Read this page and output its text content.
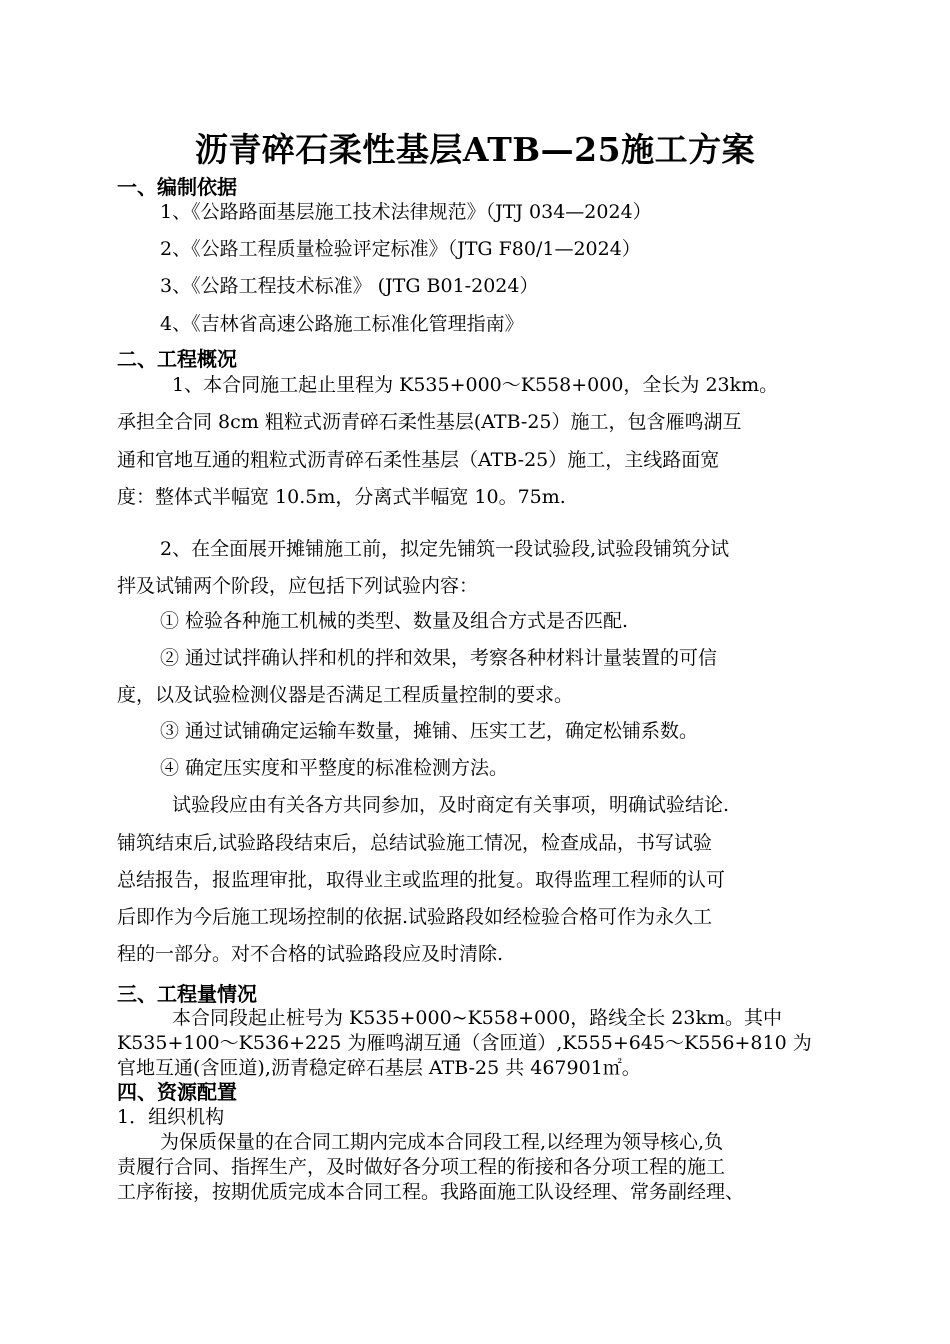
沥青碎石柔性基层ATB—25施工方案
一、编制依据
1、《公路路面基层施工技术法律规范》（JTJ 034—2024）
2、《公路工程质量检验评定标准》（JTG F80/1—2024）
3、《公路工程技术标准》 (JTG B01-2024）
4、《吉林省高速公路施工标准化管理指南》
二、工程概况
1、本合同施工起止里程为 K535+000～K558+000，全长为 23km。
承担全合同 8cm 粗粒式沥青碎石柔性基层(ATB-25）施工，包含雁鸣湖互
通和官地互通的粗粒式沥青碎石柔性基层（ATB-25）施工，主线路面宽
度：整体式半幅宽 10.5m，分离式半幅宽 10。75m.
2、在全面展开摊铺施工前，拟定先铺筑一段试验段,试验段铺筑分试
拌及试铺两个阶段，应包括下列试验内容：
① 检验各种施工机械的类型、数量及组合方式是否匹配.
② 通过试拌确认拌和机的拌和效果，考察各种材料计量装置的可信
度，以及试验检测仪器是否满足工程质量控制的要求。
③ 通过试铺确定运输车数量，摊铺、压实工艺，确定松铺系数。
④ 确定压实度和平整度的标准检测方法。
试验段应由有关各方共同参加，及时商定有关事项，明确试验结论.
铺筑结束后,试验路段结束后，总结试验施工情况，检查成品，书写试验
总结报告，报监理审批，取得业主或监理的批复。取得监理工程师的认可
后即作为今后施工现场控制的依据.试验路段如经检验合格可作为永久工
程的一部分。对不合格的试验路段应及时清除.
三、工程量情况
本合同段起止桩号为 K535+000~K558+000，路线全长 23km。其中
K535+100～K536+225 为雁鸣湖互通（含匝道）,K555+645～K556+810 为
官地互通(含匝道),沥青稳定碎石基层 ATB-25 共 467901㎡。
四、资源配置
1．组织机构
为保质保量的在合同工期内完成本合同段工程,以经理为领导核心,负
责履行合同、指挥生产，及时做好各分项工程的衔接和各分项工程的施工
工序衔接，按期优质完成本合同工程。我路面施工队设经理、常务副经理、
